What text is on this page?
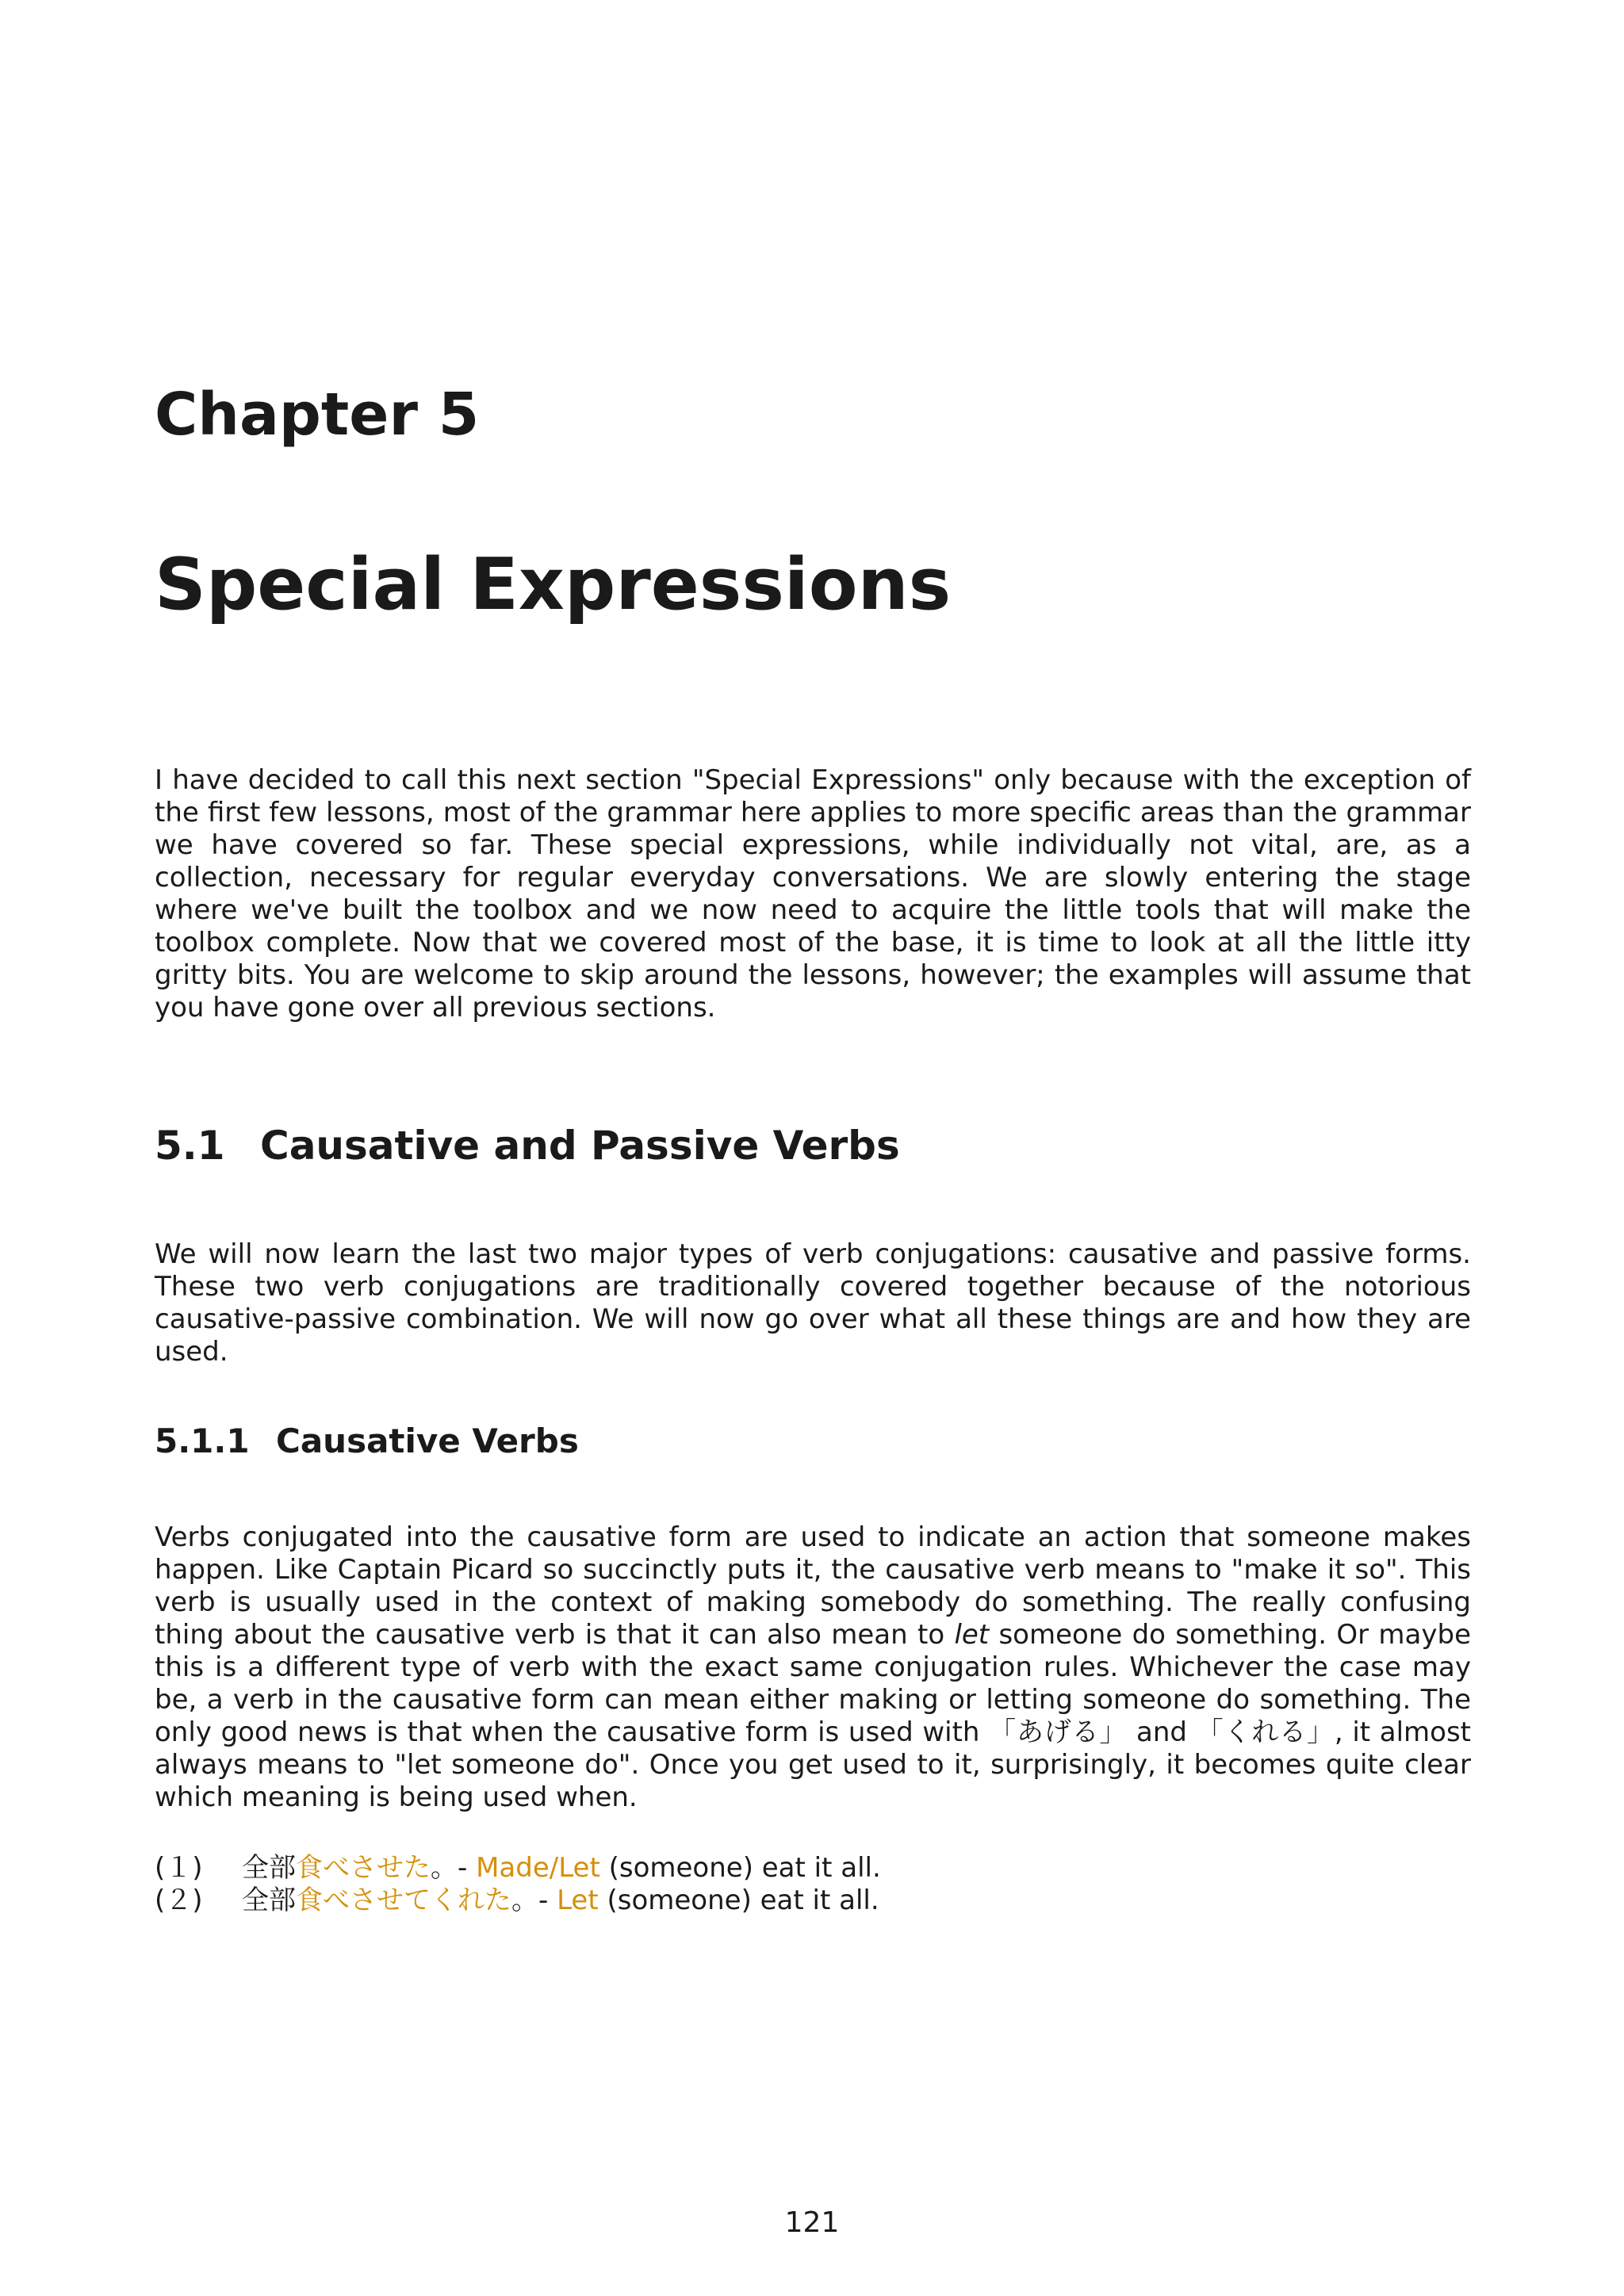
Chapter 5
Special Expressions

I have decided to call this next section "Special Expressions" only because with the exception of the first few lessons, most of the grammar here applies to more specific areas than the grammar we have covered so far. These special expressions, while individually not vital, are, as a collection, necessary for regular everyday conversations. We are slowly entering the stage where we've built the toolbox and we now need to acquire the little tools that will make the toolbox complete. Now that we covered most of the base, it is time to look at all the little itty gritty bits. You are welcome to skip around the lessons, however; the examples will assume that you have gone over all previous sections.

5.1 Causative and Passive Verbs

We will now learn the last two major types of verb conjugations: causative and passive forms. These two verb conjugations are traditionally covered together because of the notorious causative-passive combination. We will now go over what all these things are and how they are used.

5.1.1 Causative Verbs

Verbs conjugated into the causative form are used to indicate an action that someone makes happen. Like Captain Picard so succinctly puts it, the causative verb means to "make it so". This verb is usually used in the context of making somebody do something. The really confusing thing about the causative verb is that it can also mean to let someone do something. Or maybe this is a different type of verb with the exact same conjugation rules. Whichever the case may be, a verb in the causative form can mean either making or letting someone do something. The only good news is that when the causative form is used with 「あげる」 and 「くれる」, it almost always means to "let someone do". Once you get used to it, surprisingly, it becomes quite clear which meaning is being used when.

(１)	全部 食べさせた 。- Made/Let (someone) eat it all.
(２)	全部 食べさせてくれた 。- Let (someone) eat it all.
121
